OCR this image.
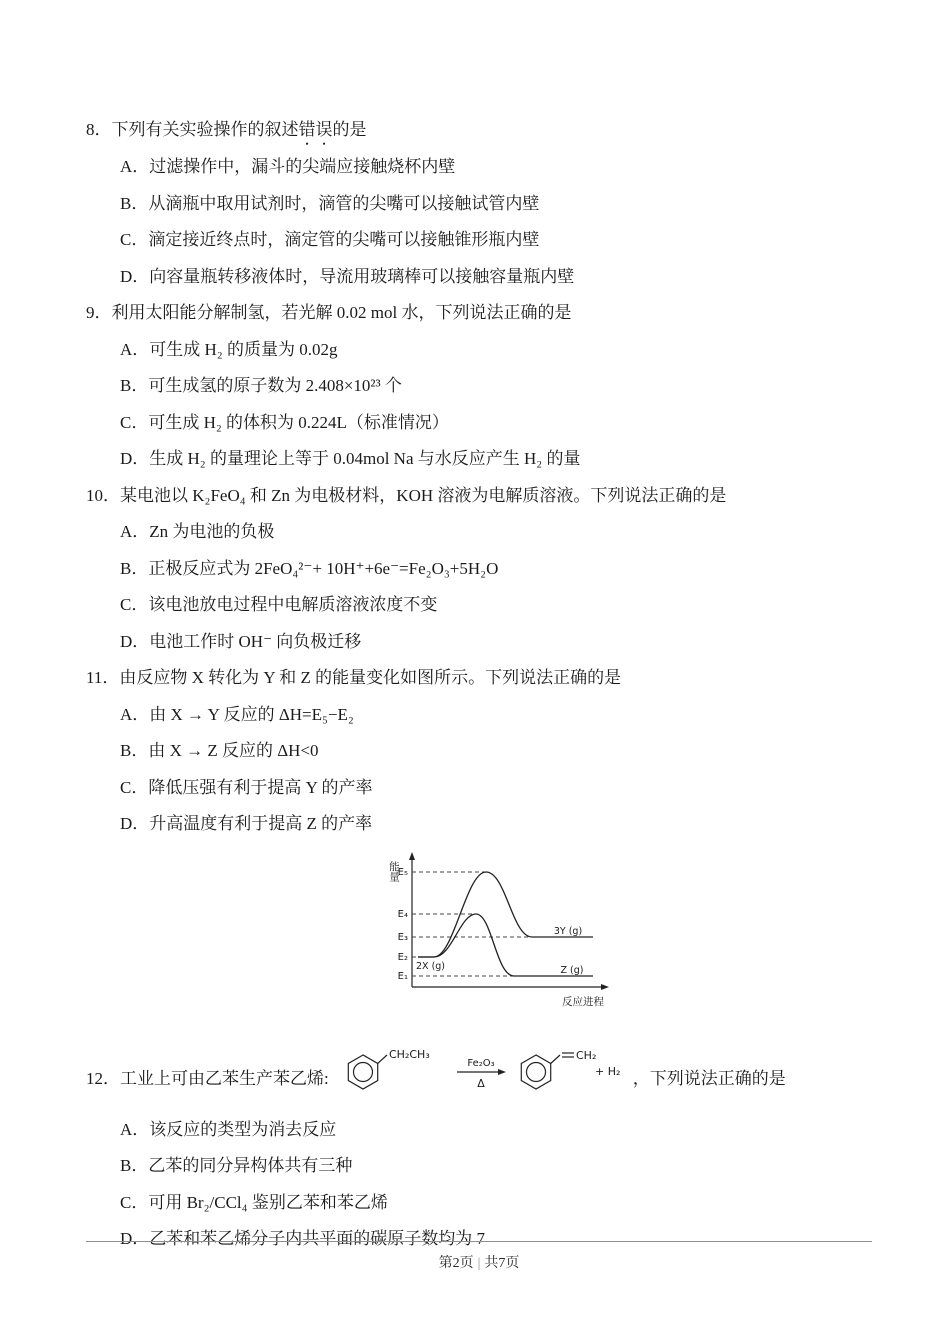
8．下列有关实验操作的叙述错误的是
A．过滤操作中，漏斗的尖端应接触烧杯内壁
B．从滴瓶中取用试剂时，滴管的尖嘴可以接触试管内壁
C．滴定接近终点时，滴定管的尖嘴可以接触锥形瓶内壁
D．向容量瓶转移液体时，导流用玻璃棒可以接触容量瓶内壁
9．利用太阳能分解制氢，若光解 0.02 mol 水，下列说法正确的是
A．可生成 H₂ 的质量为 0.02g
B．可生成氢的原子数为 2.408×10²³ 个
C．可生成 H₂ 的体积为 0.224L（标准情况）
D．生成 H₂ 的量理论上等于 0.04mol Na 与水反应产生 H₂ 的量
10．某电池以 K₂FeO₄ 和 Zn 为电极材料，KOH 溶液为电解质溶液。下列说法正确的是
A．Zn 为电池的负极
B．正极反应式为 2FeO₄²⁻+ 10H⁺+6e⁻=Fe₂O₃+5H₂O
C．该电池放电过程中电解质溶液浓度不变
D．电池工作时 OH⁻ 向负极迁移
11．由反应物 X 转化为 Y 和 Z 的能量变化如图所示。下列说法正确的是
A．由 X → Y 反应的 ΔH=E₅−E₂
B．由 X → Z 反应的 ΔH<0
C．降低压强有利于提高 Y 的产率
D．升高温度有利于提高 Z 的产率
能量
反应进程
E₅
E₄
E₃
E₂
E₁
2X (g)
3Y (g)
Z (g)
12．工业上可由乙苯生产苯乙烯:
CH₂CH₃
Fe₂O₃
Δ
CH₂
+ H₂ ，下列说法正确的是
A．该反应的类型为消去反应
B．乙苯的同分异构体共有三种
C．可用 Br₂/CCl₄ 鉴别乙苯和苯乙烯
D．乙苯和苯乙烯分子内共平面的碳原子数均为 7
第2页 | 共7页
